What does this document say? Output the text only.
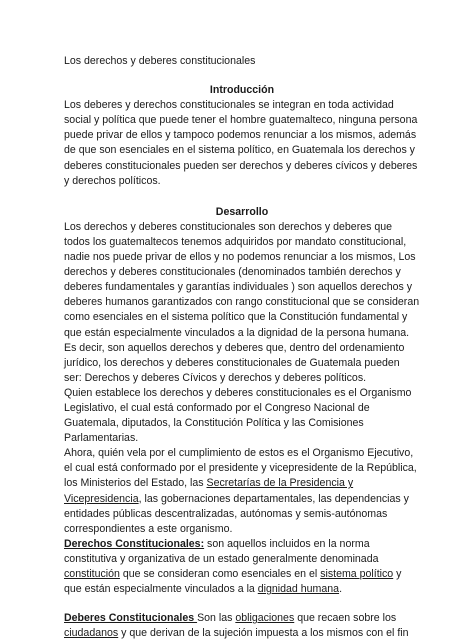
Los derechos y deberes constitucionales

Introducción

Los deberes y derechos constitucionales se integran en toda actividad social y política que puede tener el hombre guatemalteco, ninguna persona puede privar de ellos y tampoco podemos renunciar a los mismos, además de que son esenciales en el sistema político, en Guatemala los derechos y deberes constitucionales pueden ser derechos y deberes cívicos y deberes y derechos políticos.

Desarrollo

Los derechos y deberes constitucionales son derechos y deberes que todos los guatemaltecos tenemos adquiridos por mandato constitucional, nadie nos puede privar de ellos y no podemos renunciar a los mismos, Los derechos y deberes constitucionales (denominados también derechos y deberes fundamentales y garantías individuales ) son aquellos derechos y deberes humanos garantizados con rango constitucional que se consideran como esenciales en el sistema político que la Constitución fundamental y que están especialmente vinculados a la dignidad de la persona humana. Es decir, son aquellos derechos y deberes que, dentro del ordenamiento jurídico, los derechos y deberes constitucionales de Guatemala pueden ser: Derechos y deberes Cívicos y derechos y deberes políticos.

Quien establece los derechos y deberes constitucionales es el Organismo Legislativo, el cual está conformado por el Congreso Nacional de Guatemala, diputados, la Constitución Política y las Comisiones Parlamentarias.

Ahora, quién vela por el cumplimiento de estos es el Organismo Ejecutivo, el cual está conformado por el presidente y vicepresidente de la República, los Ministerios del Estado, las Secretarías de la Presidencia y Vicepresidencia, las gobernaciones departamentales, las dependencias y entidades públicas descentralizadas, autónomas y semis-autónomas correspondientes a este organismo.

Derechos Constitucionales: son aquellos incluidos en la norma constitutiva y organizativa de un estado generalmente denominada constitución que se consideran como esenciales en el sistema político y que están especialmente vinculados a la dignidad humana.

Deberes Constitucionales Son las obligaciones que recaen sobre los ciudadanos y que derivan de la sujeción impuesta a los mismos con el fin
